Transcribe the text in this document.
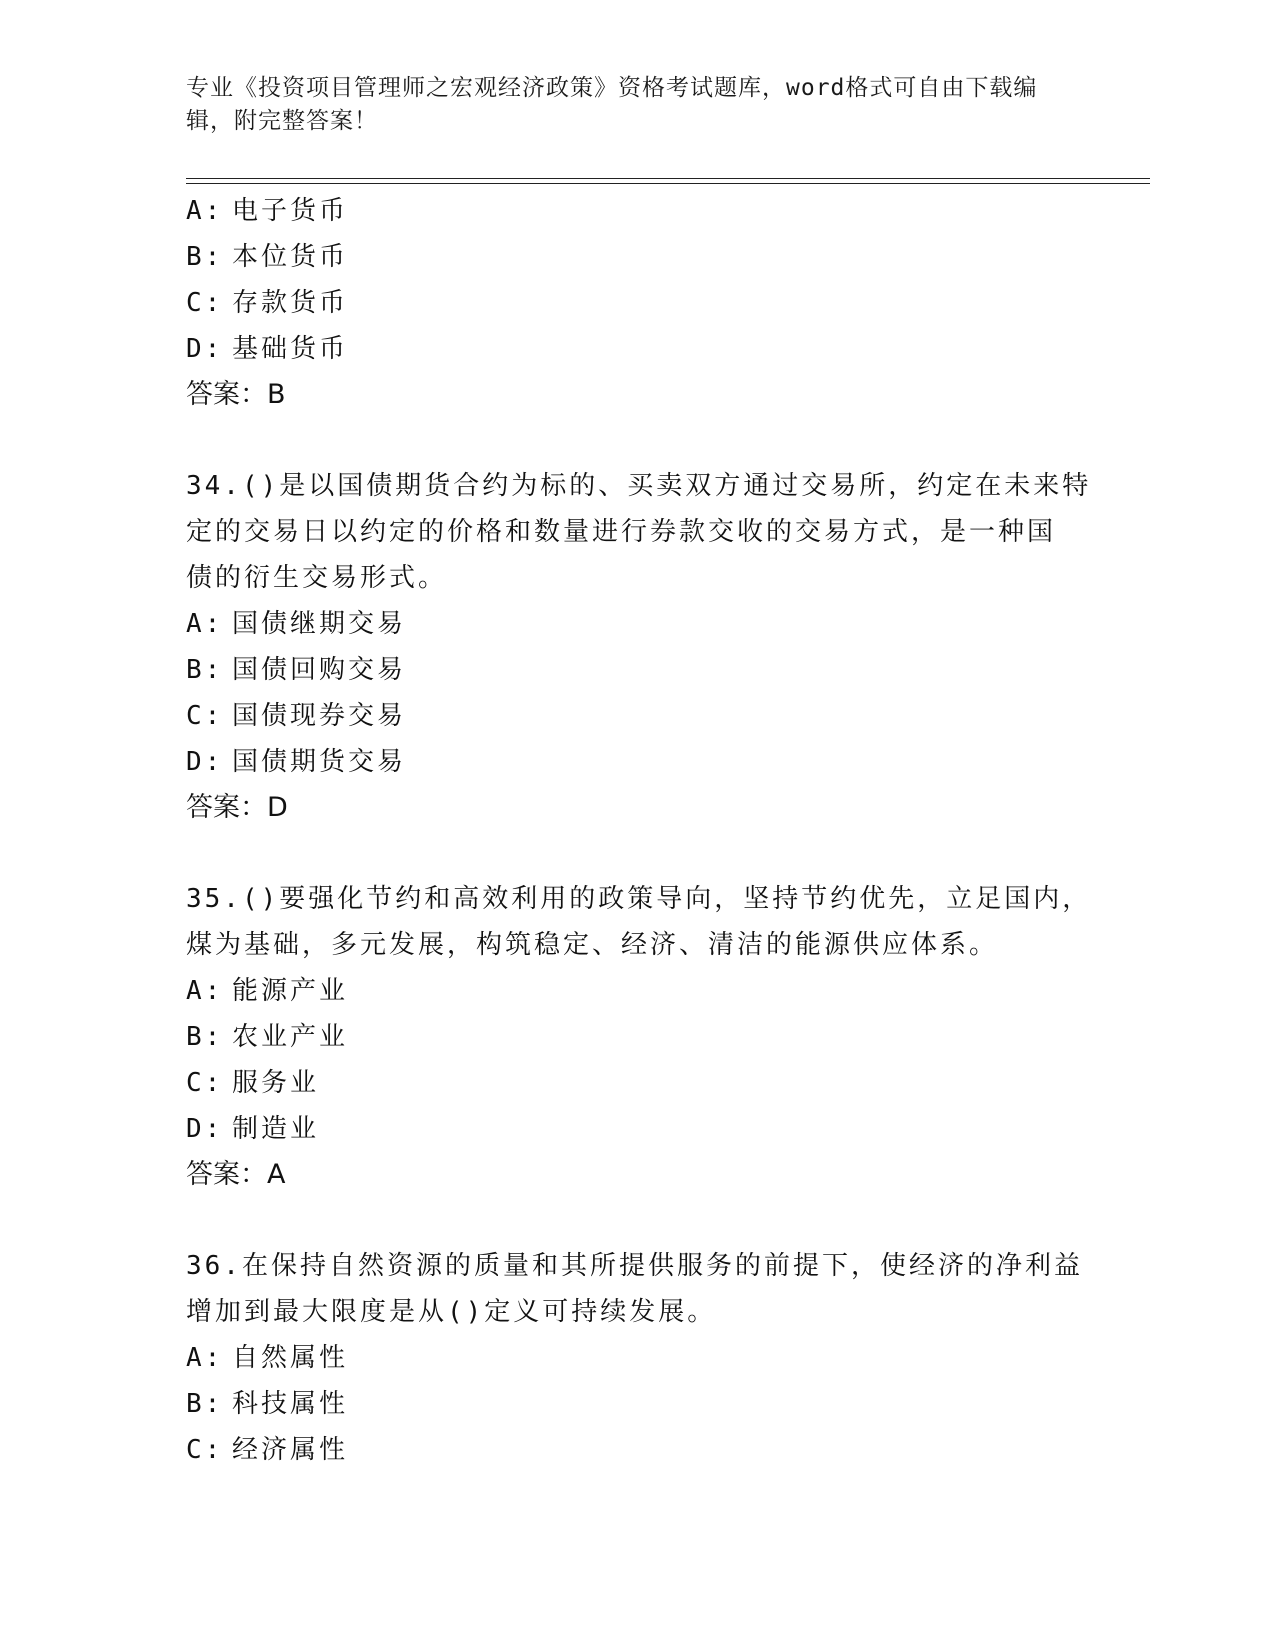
专业《投资项目管理师之宏观经济政策》资格考试题库，word格式可自由下载编
辑，附完整答案！
A: 电子货币
B: 本位货币
C: 存款货币
D: 基础货币
答案：B
34.()是以国债期货合约为标的、买卖双方通过交易所，约定在未来特
定的交易日以约定的价格和数量进行券款交收的交易方式，是一种国
债的衍生交易形式。
A: 国债继期交易
B: 国债回购交易
C: 国债现券交易
D: 国债期货交易
答案：D
35.()要强化节约和高效利用的政策导向，坚持节约优先，立足国内，
煤为基础，多元发展，构筑稳定、经济、清洁的能源供应体系。
A: 能源产业
B: 农业产业
C: 服务业
D: 制造业
答案：A
36.在保持自然资源的质量和其所提供服务的前提下，使经济的净利益
增加到最大限度是从()定义可持续发展。
A: 自然属性
B: 科技属性
C: 经济属性
